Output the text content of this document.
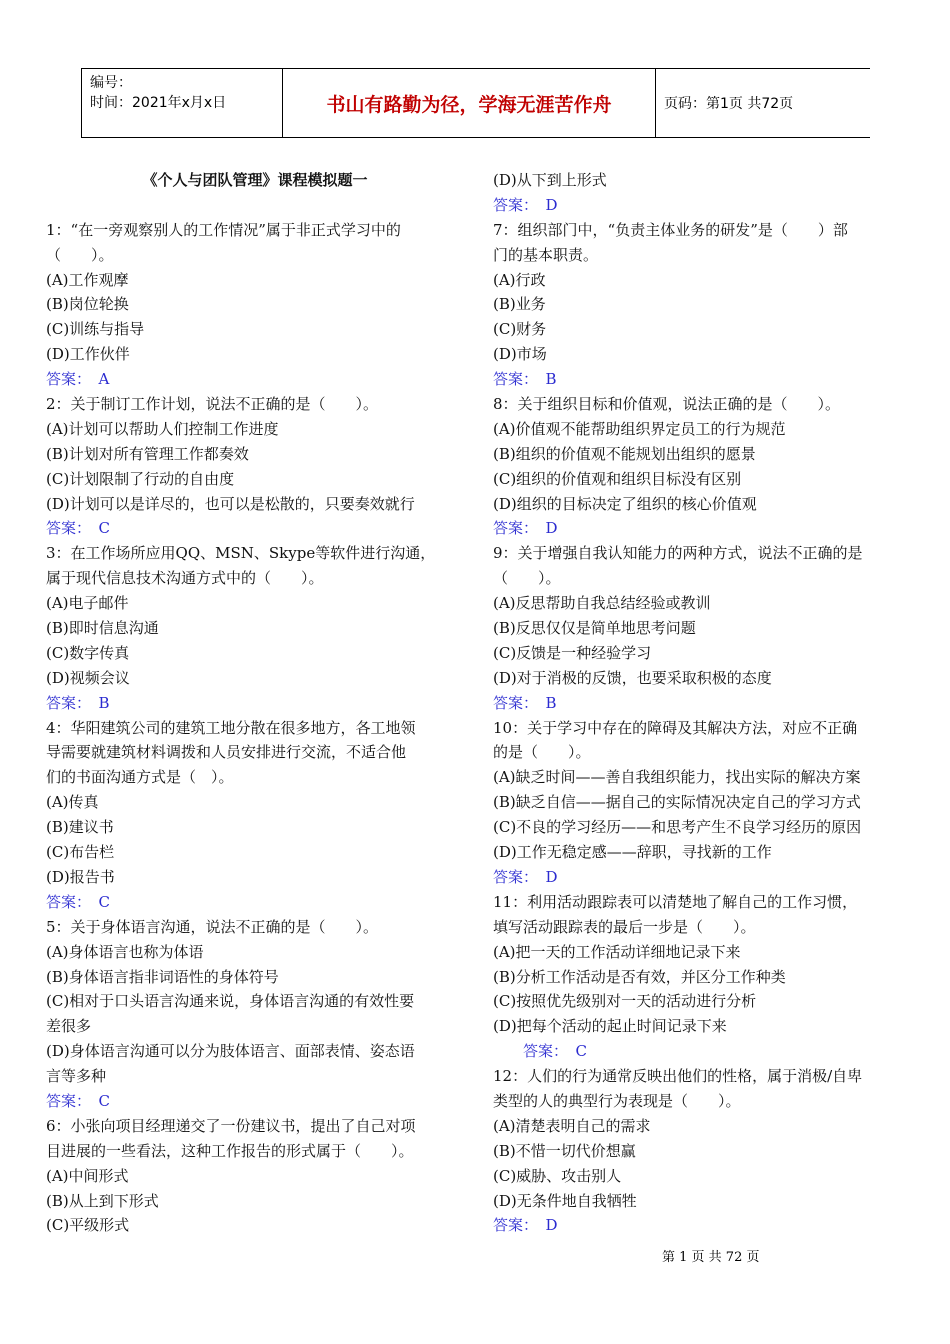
编号：
时间：2021年x月x日	书山有路勤为径，学海无涯苦作舟	页码：第1页 共72页
《个人与团队管理》课程模拟题一
1：“在一旁观察别人的工作情况”属于非正式学习中的
（　　）。
(A)工作观摩
(B)岗位轮换
(C)训练与指导
(D)工作伙伴
答案：　A
2：关于制订工作计划，说法不正确的是（　　）。
(A)计划可以帮助人们控制工作进度
(B)计划对所有管理工作都奏效
(C)计划限制了行动的自由度
(D)计划可以是详尽的，也可以是松散的，只要奏效就行
答案：　C
3：在工作场所应用QQ、MSN、Skype等软件进行沟通，
属于现代信息技术沟通方式中的（　　）。
(A)电子邮件
(B)即时信息沟通
(C)数字传真
(D)视频会议
答案：　B
4：华阳建筑公司的建筑工地分散在很多地方，各工地领
导需要就建筑材料调拨和人员安排进行交流，不适合他
们的书面沟通方式是（　）。
(A)传真
(B)建议书
(C)布告栏
(D)报告书
答案：　C
5：关于身体语言沟通，说法不正确的是（　　）。
(A)身体语言也称为体语
(B)身体语言指非词语性的身体符号
(C)相对于口头语言沟通来说，身体语言沟通的有效性要
差很多
(D)身体语言沟通可以分为肢体语言、面部表情、姿态语
言等多种
答案：　C
6：小张向项目经理递交了一份建议书，提出了自己对项
目进展的一些看法，这种工作报告的形式属于（　　）。
(A)中间形式
(B)从上到下形式
(C)平级形式
(D)从下到上形式
答案：　D
7：组织部门中，“负责主体业务的研发”是（　　）部
门的基本职责。
(A)行政
(B)业务
(C)财务
(D)市场
答案：　B
8：关于组织目标和价值观，说法正确的是（　　）。
(A)价值观不能帮助组织界定员工的行为规范
(B)组织的价值观不能规划出组织的愿景
(C)组织的价值观和组织目标没有区别
(D)组织的目标决定了组织的核心价值观
答案：　D
9：关于增强自我认知能力的两种方式，说法不正确的是
（　　）。
(A)反思帮助自我总结经验或教训
(B)反思仅仅是简单地思考问题
(C)反馈是一种经验学习
(D)对于消极的反馈，也要采取积极的态度
答案：　B
10：关于学习中存在的障碍及其解决方法，对应不正确
的是（　　）。
(A)缺乏时间——善自我组织能力，找出实际的解决方案
(B)缺乏自信——据自己的实际情况决定自己的学习方式
(C)不良的学习经历——和思考产生不良学习经历的原因
(D)工作无稳定感——辞职，寻找新的工作
答案：　D
11：利用活动跟踪表可以清楚地了解自己的工作习惯，
填写活动跟踪表的最后一步是（　　）。
(A)把一天的工作活动详细地记录下来
(B)分析工作活动是否有效，并区分工作种类
(C)按照优先级别对一天的活动进行分析
(D)把每个活动的起止时间记录下来
　　答案：　C
12：人们的行为通常反映出他们的性格，属于消极/自卑
类型的人的典型行为表现是（　　）。
(A)清楚表明自己的需求
(B)不惜一切代价想赢
(C)威胁、攻击别人
(D)无条件地自我牺牲
答案：　D
第 1 页 共 72 页
